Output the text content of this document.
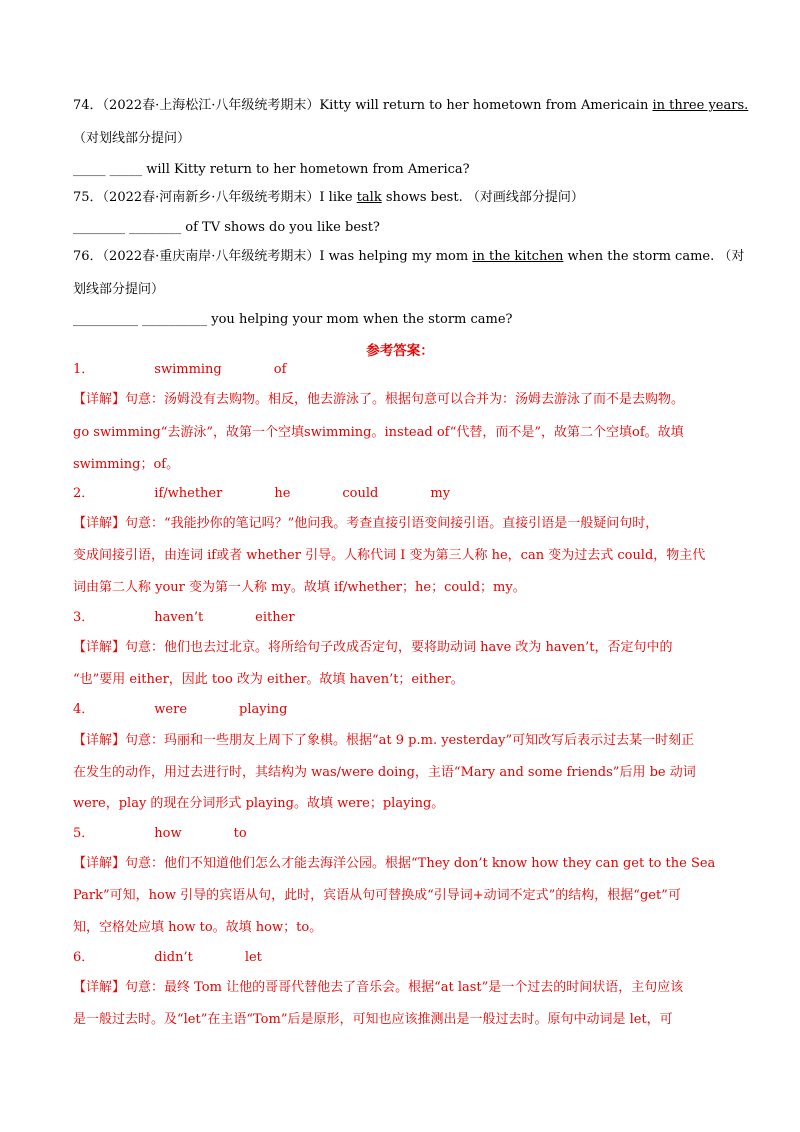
74．（2022春·上海松江·八年级统考期末）Kitty will return to her hometown from Americain in three years.
（对划线部分提问）
_____ _____ will Kitty return to her hometown from America?
75．（2022春·河南新乡·八年级统考期末）I like talk shows best. （对画线部分提问）
________ ________ of TV shows do you like best?
76．（2022春·重庆南岸·八年级统考期末）I was helping my mom in the kitchen when the storm came. （对
划线部分提问）
__________ __________ you helping your mom when the storm came?
参考答案：
1．	swimming	of
【详解】句意：汤姆没有去购物。相反，他去游泳了。根据句意可以合并为：汤姆去游泳了而不是去购物。
go swimming“去游泳”，故第一个空填swimming。instead of“代替，而不是”，故第二个空填of。故填
swimming；of。
2．	if/whether	he	could	my
【详解】句意：“我能抄你的笔记吗？”他问我。考查直接引语变间接引语。直接引语是一般疑问句时，
变成间接引语，由连词 if或者 whether 引导。人称代词 I 变为第三人称 he，can 变为过去式 could，物主代
词由第二人称 your 变为第一人称 my。故填 if/whether；he；could；my。
3．	haven’t	either
【详解】句意：他们也去过北京。将所给句子改成否定句，要将助动词 have 改为 haven’t，否定句中的
“也”要用 either，因此 too 改为 either。故填 haven’t；either。
4．	were	playing
【详解】句意：玛丽和一些朋友上周下了象棋。根据“at 9 p.m. yesterday”可知改写后表示过去某一时刻正
在发生的动作，用过去进行时，其结构为 was/were doing，主语“Mary and some friends”后用 be 动词
were，play 的现在分词形式 playing。故填 were；playing。
5．	how	to
【详解】句意：他们不知道他们怎么才能去海洋公园。根据“They don’t know how they can get to the Sea
Park”可知，how 引导的宾语从句，此时，宾语从句可替换成“引导词+动词不定式”的结构，根据“get”可
知，空格处应填 how to。故填 how；to。
6．	didn’t	let
【详解】句意：最终 Tom 让他的哥哥代替他去了音乐会。根据“at last”是一个过去的时间状语，主句应该
是一般过去时。及“let”在主语“Tom”后是原形，可知也应该推测出是一般过去时。原句中动词是 let，可
